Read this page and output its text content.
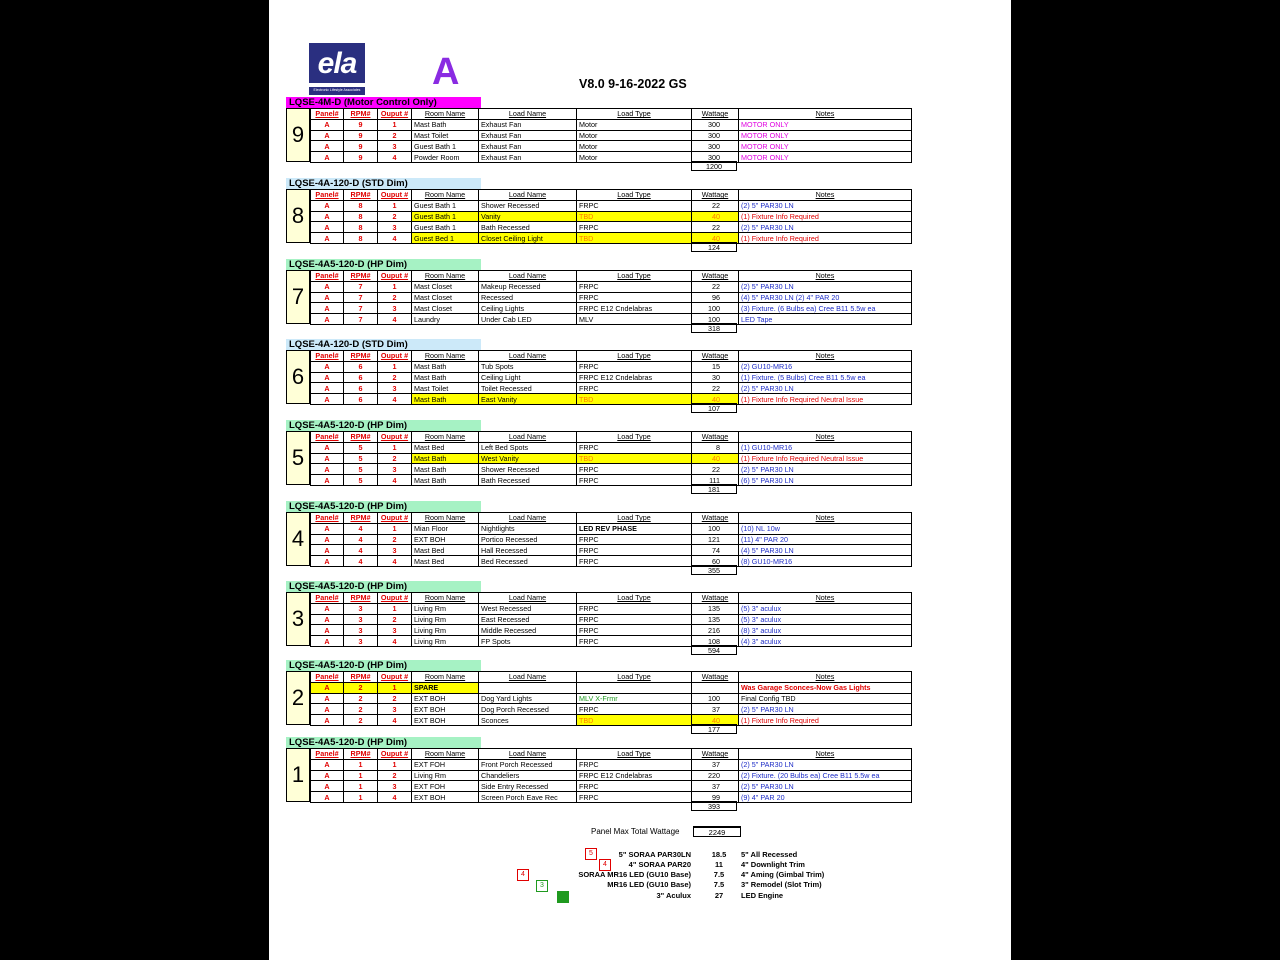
ela
Electronic Lifestyle Associates A	V8.0 9-16-2022 GS
LQSE-4M-D (Motor Control Only)
9
Panel#	RPM#	Ouput #	Room Name	Load Name	Load Type	Wattage	Notes
A	9	1	Mast Bath	Exhaust Fan	Motor	300	MOTOR ONLY
A	9	2	Mast Toilet	Exhaust Fan	Motor	300	MOTOR ONLY
A	9	3	Guest Bath 1	Exhaust Fan	Motor	300	MOTOR ONLY
A	9	4	Powder Room	Exhaust Fan	Motor	300	MOTOR ONLY
1200
LQSE-4A-120-D (STD Dim)
8
Panel#	RPM#	Ouput #	Room Name	Load Name	Load Type	Wattage	Notes
A	8	1	Guest Bath 1	Shower Recessed	FRPC	22	(2) 5" PAR30 LN
A	8	2	Guest Bath 1	Vanity	TBD	40	(1) Fixture Info Required
A	8	3	Guest Bath 1	Bath Recessed	FRPC	22	(2) 5" PAR30 LN
A	8	4	Guest Bed 1	Closet Ceiling Light	TBD	40	(1) Fixture Info Required
124
LQSE-4A5-120-D (HP Dim)
7
Panel#	RPM#	Ouput #	Room Name	Load Name	Load Type	Wattage	Notes
A	7	1	Mast Closet	Makeup Recessed	FRPC	22	(2) 5" PAR30 LN
A	7	2	Mast Closet	Recessed	FRPC	96	(4) 5" PAR30 LN (2) 4" PAR 20
A	7	3	Mast Closet	Ceiling Lights	FRPC E12 Cndelabras	100	(3) Fixture. (6 Bulbs ea) Cree B11 5.5w ea
A	7	4	Laundry	Under Cab LED	MLV	100	LED Tape
318
LQSE-4A-120-D (STD Dim)
6
Panel#	RPM#	Ouput #	Room Name	Load Name	Load Type	Wattage	Notes
A	6	1	Mast Bath	Tub Spots	FRPC	15	(2) GU10-MR16
A	6	2	Mast Bath	Ceiling Light	FRPC E12 Cndelabras	30	(1) Fixture. (5 Bulbs) Cree B11 5.5w ea
A	6	3	Mast Toilet	Toilet Recessed	FRPC	22	(2) 5" PAR30 LN
A	6	4	Mast Bath	East Vanity	TBD	40	(1) Fixture Info Required Neutral Issue
107
LQSE-4A5-120-D (HP Dim)
5
Panel#	RPM#	Ouput #	Room Name	Load Name	Load Type	Wattage	Notes
A	5	1	Mast Bed	Left Bed Spots	FRPC	8	(1) GU10-MR16
A	5	2	Mast Bath	West Vanity	TBD	40	(1) Fixture Info Required Neutral Issue
A	5	3	Mast Bath	Shower Recessed	FRPC	22	(2) 5" PAR30 LN
A	5	4	Mast Bath	Bath Recessed	FRPC	111	(6) 5" PAR30 LN
181
LQSE-4A5-120-D (HP Dim)
4
Panel#	RPM#	Ouput #	Room Name	Load Name	Load Type	Wattage	Notes
A	4	1	Mian Floor	Nightlights	LED REV PHASE	100	(10) NL 10w
A	4	2	EXT BOH	Portico Recessed	FRPC	121	(11) 4" PAR 20
A	4	3	Mast Bed	Hall Recessed	FRPC	74	(4) 5" PAR30 LN
A	4	4	Mast Bed	Bed Recessed	FRPC	60	(8) GU10-MR16
355
LQSE-4A5-120-D (HP Dim)
3
Panel#	RPM#	Ouput #	Room Name	Load Name	Load Type	Wattage	Notes
A	3	1	Living Rm	West Recessed	FRPC	135	(5) 3" aculux
A	3	2	Living Rm	East Recessed	FRPC	135	(5) 3" aculux
A	3	3	Living Rm	Middle Recessed	FRPC	216	(8) 3" aculux
A	3	4	Living Rm	FP Spots	FRPC	108	(4) 3" aculux
594
LQSE-4A5-120-D (HP Dim)
2
Panel#	RPM#	Ouput #	Room Name	Load Name	Load Type	Wattage	Notes
A	2	1	SPARE				Was Garage Sconces-Now Gas Lights
A	2	2	EXT BOH	Dog Yard Lights	MLV X-Frmr	100	Final Config TBD
A	2	3	EXT BOH	Dog Porch Recessed	FRPC	37	(2) 5" PAR30 LN
A	2	4	EXT BOH	Sconces	TBD	40	(1) Fixture Info Required
177
LQSE-4A5-120-D (HP Dim)
1
Panel#	RPM#	Ouput #	Room Name	Load Name	Load Type	Wattage	Notes
A	1	1	EXT FOH	Front Porch Recessed	FRPC	37	(2) 5" PAR30 LN
A	1	2	Living Rm	Chandeliers	FRPC E12 Cndelabras	220	(2) Fixture. (20 Bulbs ea) Cree B11 5.5w ea
A	1	3	EXT FOH	Side Entry Recessed	FRPC	37	(2) 5" PAR30 LN
A	1	4	EXT BOH	Screen Porch Eave Rec	FRPC	99	(9) 4" PAR 20
393
Panel Max Total Wattage	2249
5	5" SORAA PAR30LN	18.5	5" All Recessed
4	4" SORAA PAR20	11	4" Downlight Trim
4	SORAA MR16 LED (GU10 Base)	7.5	4" Aming (Gimbal Trim)
3	MR16 LED (GU10 Base)	7.5	3" Remodel (Slot Trim)
3" Aculux	27	LED Engine
